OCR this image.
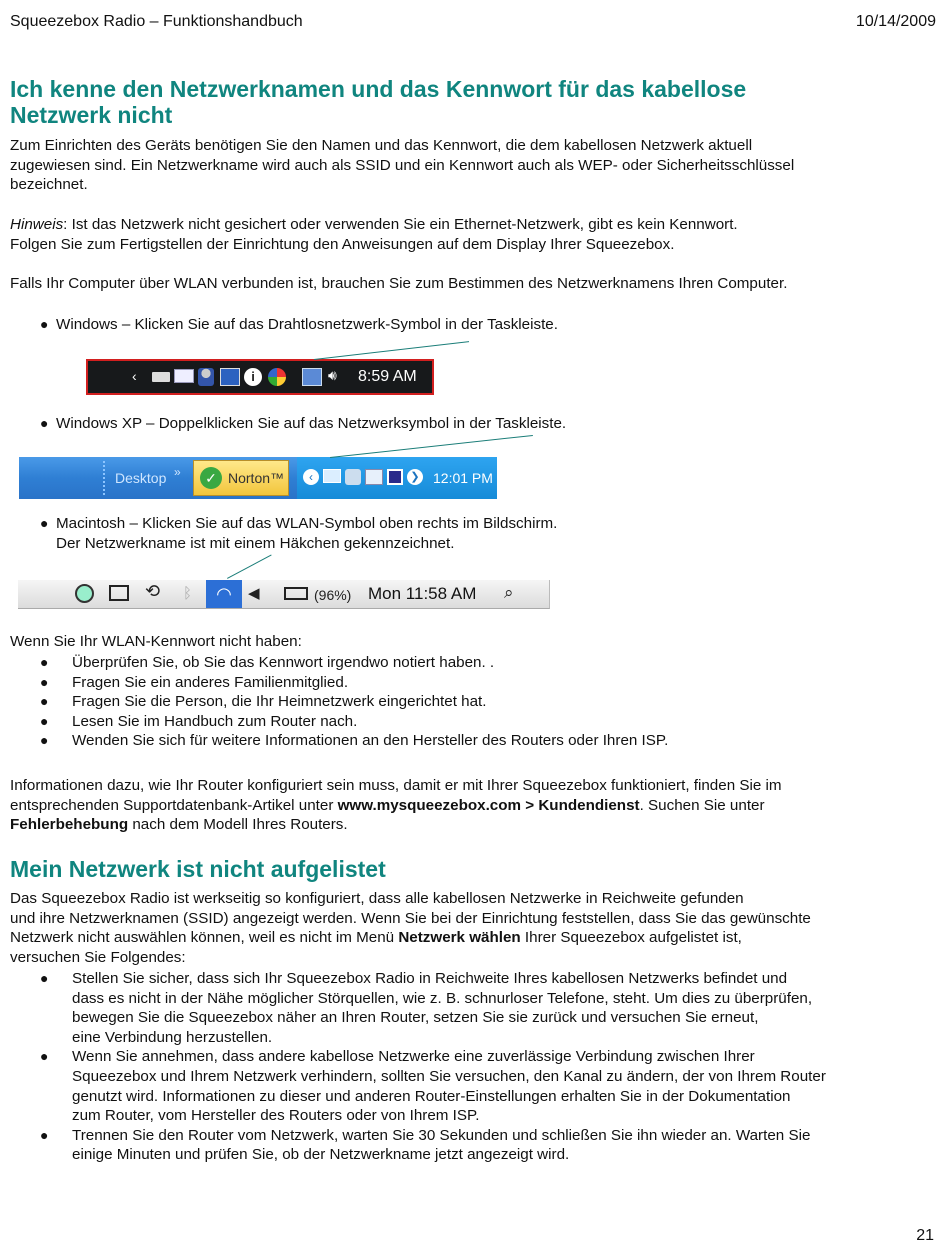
Squeezebox Radio – Funktionshandbuch	10/14/2009
Ich kenne den Netzwerknamen und das Kennwort für das kabellose
Netzwerk nicht
Zum Einrichten des Geräts benötigen Sie den Namen und das Kennwort, die dem kabellosen Netzwerk aktuell
zugewiesen sind. Ein Netzwerkname wird auch als SSID und ein Kennwort auch als WEP- oder Sicherheitsschlüssel
bezeichnet.
Hinweis: Ist das Netzwerk nicht gesichert oder verwenden Sie ein Ethernet-Netzwerk, gibt es kein Kennwort.
Folgen Sie zum Fertigstellen der Einrichtung den Anweisungen auf dem Display Ihrer Squeezebox.
Falls Ihr Computer über WLAN verbunden ist, brauchen Sie zum Bestimmen des Netzwerknamens Ihren Computer.
● Windows – Klicken Sie auf das Drahtlosnetzwerk-Symbol in der Taskleiste.
‹	i	🔊︎ 8:59 AM
● Windows XP – Doppelklicken Sie auf das Netzwerksymbol in der Taskleiste.
Desktop »	✓ Norton™	‹	❯ 12:01 PM
● Macintosh – Klicken Sie auf das WLAN-Symbol oben rechts im Bildschirm.
Der Netzwerkname ist mit einem Häkchen gekennzeichnet.
⟲ ᛒ	◠	◀	(96%) Mon 11:58 AM ⌕
Wenn Sie Ihr WLAN-Kennwort nicht haben:
● Überprüfen Sie, ob Sie das Kennwort irgendwo notiert haben. .
● Fragen Sie ein anderes Familienmitglied.
● Fragen Sie die Person, die Ihr Heimnetzwerk eingerichtet hat.
● Lesen Sie im Handbuch zum Router nach.
● Wenden Sie sich für weitere Informationen an den Hersteller des Routers oder Ihren ISP.
Informationen dazu, wie Ihr Router konfiguriert sein muss, damit er mit Ihrer Squeezebox funktioniert, finden Sie im
entsprechenden Supportdatenbank-Artikel unter www.mysqueezebox.com > Kundendienst. Suchen Sie unter
Fehlerbehebung nach dem Modell Ihres Routers.
Mein Netzwerk ist nicht aufgelistet
Das Squeezebox Radio ist werkseitig so konfiguriert, dass alle kabellosen Netzwerke in Reichweite gefunden
und ihre Netzwerknamen (SSID) angezeigt werden. Wenn Sie bei der Einrichtung feststellen, dass Sie das gewünschte
Netzwerk nicht auswählen können, weil es nicht im Menü Netzwerk wählen Ihrer Squeezebox aufgelistet ist,
versuchen Sie Folgendes:
● Stellen Sie sicher, dass sich Ihr Squeezebox Radio in Reichweite Ihres kabellosen Netzwerks befindet und
dass es nicht in der Nähe möglicher Störquellen, wie z. B. schnurloser Telefone, steht. Um dies zu überprüfen,
bewegen Sie die Squeezebox näher an Ihren Router, setzen Sie sie zurück und versuchen Sie erneut,
eine Verbindung herzustellen.
● Wenn Sie annehmen, dass andere kabellose Netzwerke eine zuverlässige Verbindung zwischen Ihrer
Squeezebox und Ihrem Netzwerk verhindern, sollten Sie versuchen, den Kanal zu ändern, der von Ihrem Router
genutzt wird. Informationen zu dieser und anderen Router-Einstellungen erhalten Sie in der Dokumentation
zum Router, vom Hersteller des Routers oder von Ihrem ISP.
● Trennen Sie den Router vom Netzwerk, warten Sie 30 Sekunden und schließen Sie ihn wieder an. Warten Sie
einige Minuten und prüfen Sie, ob der Netzwerkname jetzt angezeigt wird.
21
